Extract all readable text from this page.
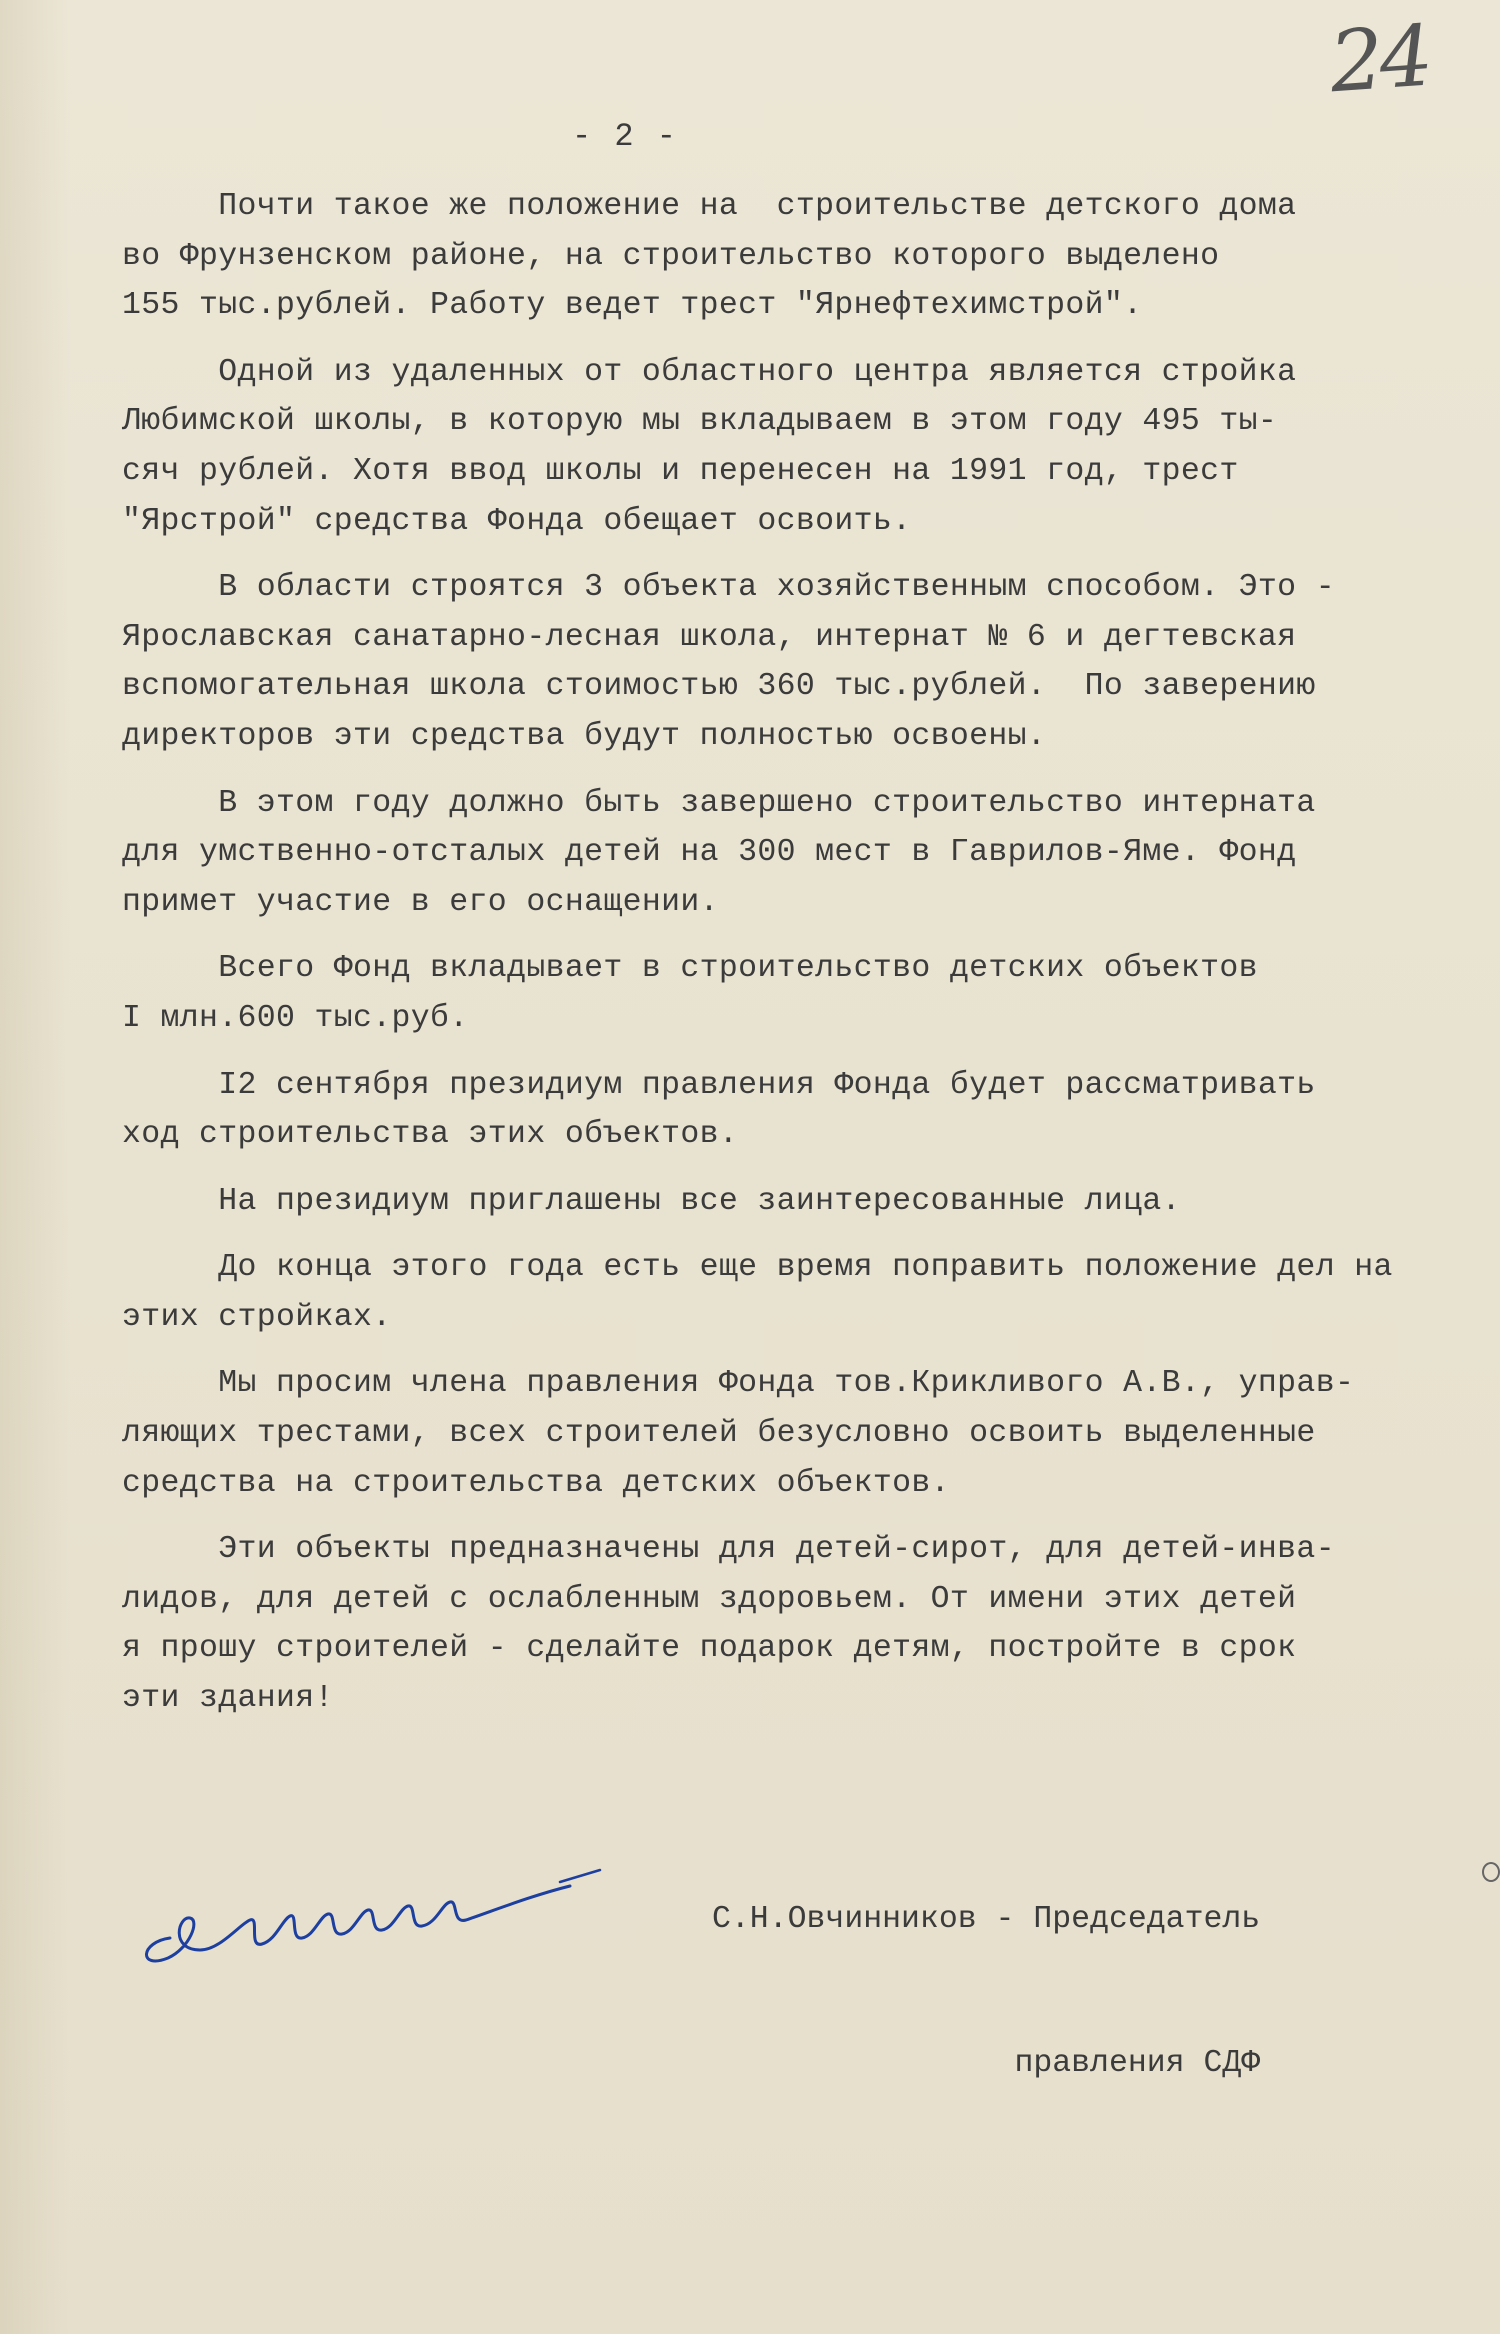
24
- 2 -
Почти такое же положение на  строительстве детского дома
во Фрунзенском районе, на строительство которого выделено
155 тыс.рублей. Работу ведет трест "Ярнефтехимстрой".
Одной из удаленных от областного центра является стройка
Любимской школы, в которую мы вкладываем в этом году 495 ты-
сяч рублей. Хотя ввод школы и перенесен на 1991 год, трест
"Ярстрой" средства Фонда обещает освоить.
В области строятся 3 объекта хозяйственным способом. Это -
Ярославская санатарно-лесная школа, интернат № 6 и дегтевская
вспомогательная школа стоимостью 360 тыс.рублей.  По заверению
директоров эти средства будут полностью освоены.
В этом году должно быть завершено строительство интерната
для умственно-отсталых детей на 300 мест в Гаврилов-Яме. Фонд
примет участие в его оснащении.
Всего Фонд вкладывает в строительство детских объектов
I млн.600 тыс.руб.
I2 сентября президиум правления Фонда будет рассматривать
ход строительства этих объектов.
На президиум приглашены все заинтересованные лица.
До конца этого года есть еще время поправить положение дел на
этих стройках.
Мы просим члена правления Фонда тов.Крикливого А.В., управ-
ляющих трестами, всех строителей безусловно освоить выделенные
средства на строительства детских объектов.
Эти объекты предназначены для детей-сирот, для детей-инва-
лидов, для детей с ослабленным здоровьем. От имени этих детей
я прошу строителей - сделайте подарок детям, постройте в срок
эти здания!

С.Н.Овчинников - Председатель

правления СДФ
